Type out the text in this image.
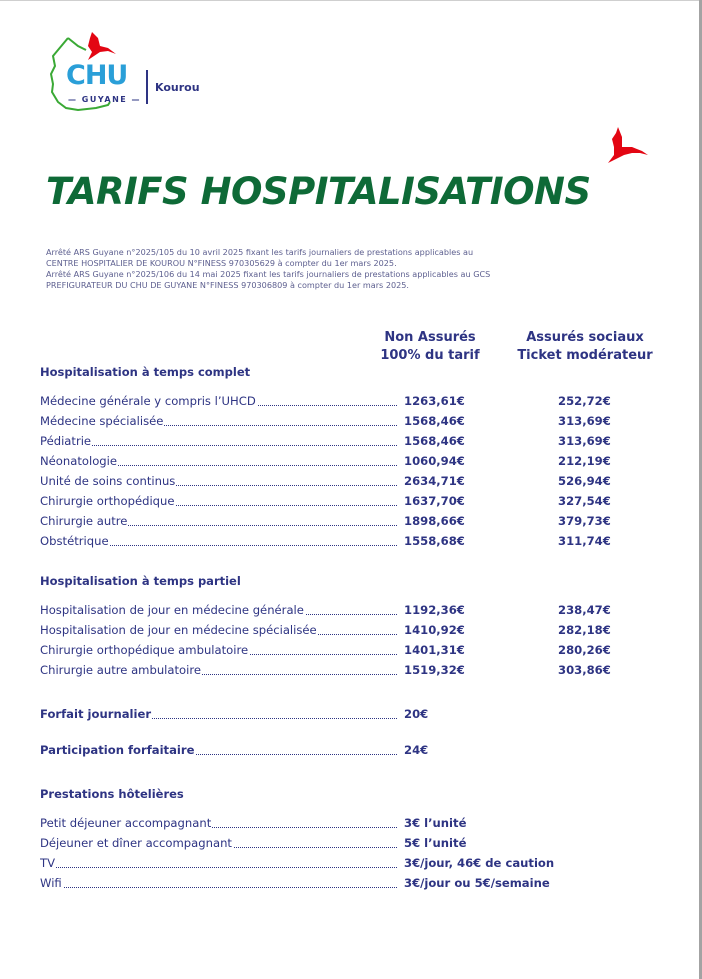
CHU
— GUYANE —
Kourou
TARIFS HOSPITALISATIONS
Arrêté ARS Guyane n°2025/105 du 10 avril 2025 fixant les tarifs journaliers de prestations applicables au
CENTRE HOSPITALIER DE KOUROU N°FINESS 970305629 à compter du 1er mars 2025.
Arrêté ARS Guyane n°2025/106 du 14 mai 2025 fixant les tarifs journaliers de prestations applicables au GCS
PREFIGURATEUR DU CHU DE GUYANE N°FINESS 970306809 à compter du 1er mars 2025.
Non Assurés
100% du tarif
Assurés sociaux
Ticket modérateur
Hospitalisation à temps complet
Médecine générale y compris l’UHCD	1263,61€	252,72€
Médecine spécialisée	1568,46€	313,69€
Pédiatrie	1568,46€	313,69€
Néonatologie	1060,94€	212,19€
Unité de soins continus	2634,71€	526,94€
Chirurgie orthopédique	1637,70€	327,54€
Chirurgie autre	1898,66€	379,73€
Obstétrique	1558,68€	311,74€
Hospitalisation à temps partiel
Hospitalisation de jour en médecine générale	1192,36€	238,47€
Hospitalisation de jour en médecine spécialisée	1410,92€	282,18€
Chirurgie orthopédique ambulatoire	1401,31€	280,26€
Chirurgie autre ambulatoire	1519,32€	303,86€
Forfait journalier	20€
Participation forfaitaire	24€
Prestations hôtelières
Petit déjeuner accompagnant	3€ l’unité
Déjeuner et dîner accompagnant	5€ l’unité
TV	3€/jour, 46€ de caution
Wifi	3€/jour ou 5€/semaine
